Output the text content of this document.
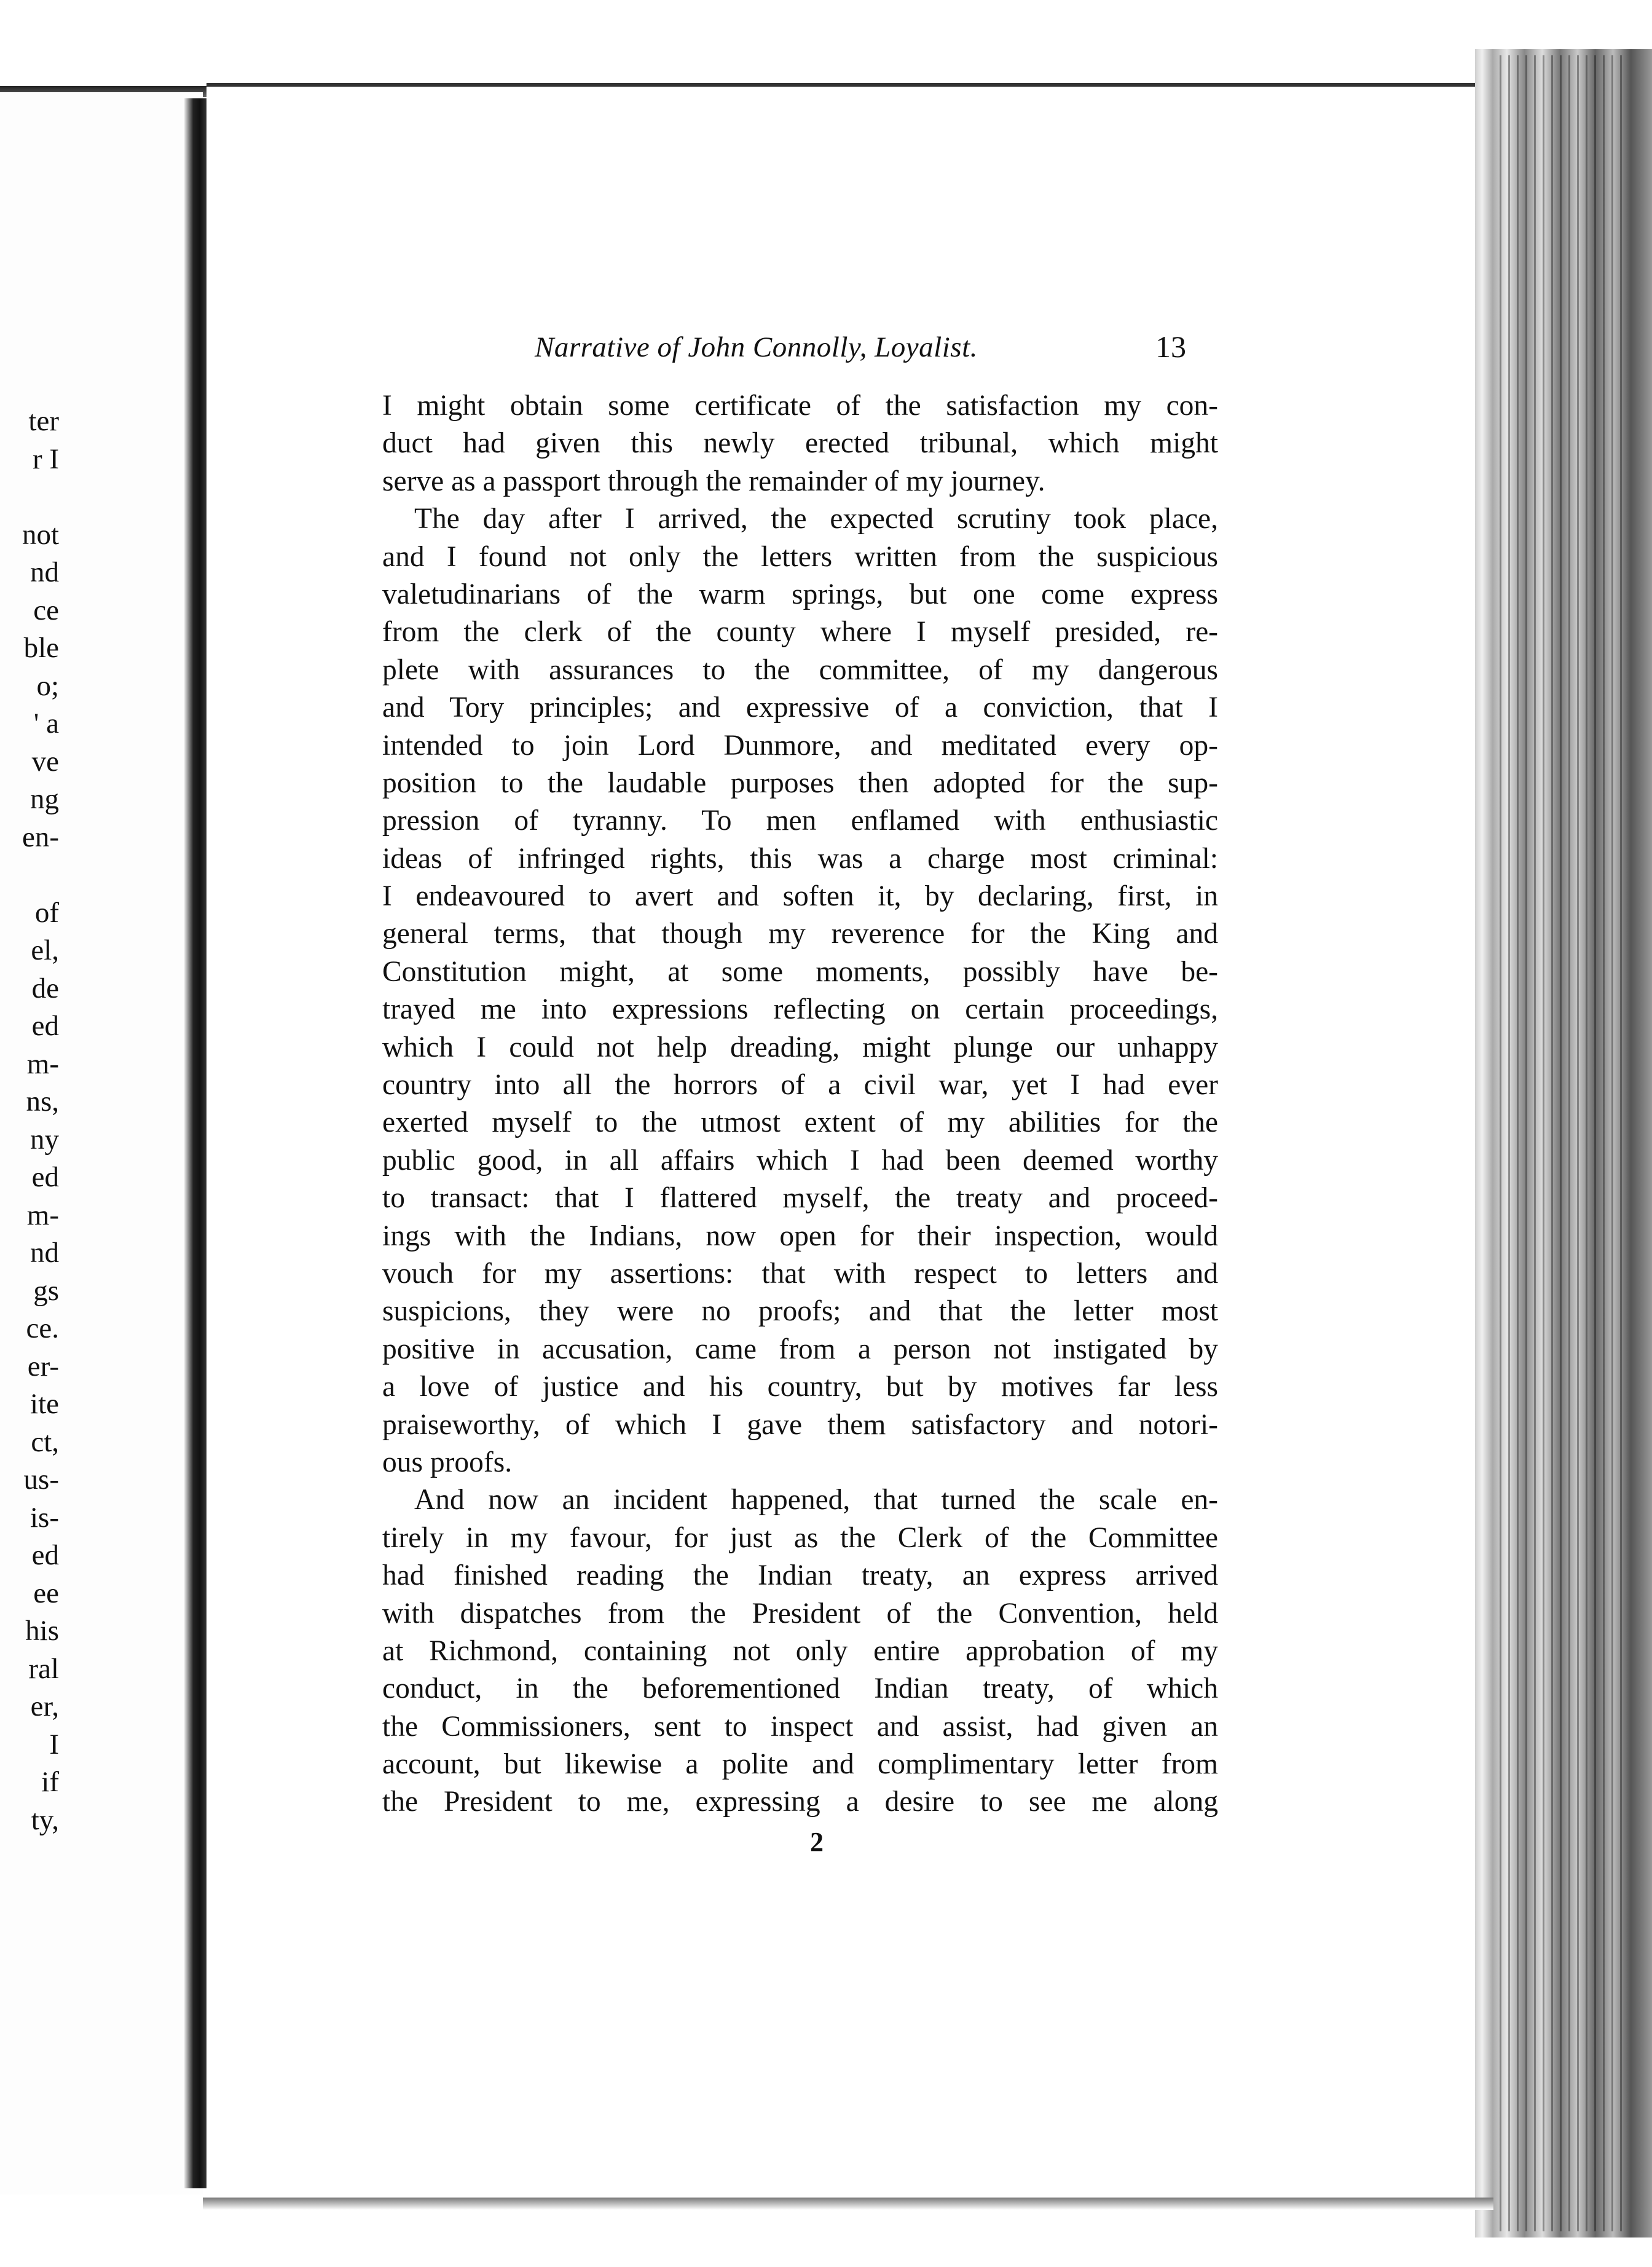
ter
r I
not
nd
ce
ble
o;
' a
ve
ng
en-
of
el,
de
ed
m-
ns,
ny
ed
m-
nd
gs
ce.
er-
ite
ct,
us-
is-
ed
ee
his
ral
er,
I
if
ty,
Narrative of John Connolly, Loyalist.	13
I might obtain some certificate of the satisfaction my con-
duct had given this newly erected tribunal, which might
serve as a passport through the remainder of my journey.
The day after I arrived, the expected scrutiny took place,
and I found not only the letters written from the suspicious
valetudinarians of the warm springs, but one come express
from the clerk of the county where I myself presided, re-
plete with assurances to the committee, of my dangerous
and Tory principles; and expressive of a conviction, that I
intended to join Lord Dunmore, and meditated every op-
position to the laudable purposes then adopted for the sup-
pression of tyranny. To men enflamed with enthusiastic
ideas of infringed rights, this was a charge most criminal:
I endeavoured to avert and soften it, by declaring, first, in
general terms, that though my reverence for the King and
Constitution might, at some moments, possibly have be-
trayed me into expressions reflecting on certain proceedings,
which I could not help dreading, might plunge our unhappy
country into all the horrors of a civil war, yet I had ever
exerted myself to the utmost extent of my abilities for the
public good, in all affairs which I had been deemed worthy
to transact: that I flattered myself, the treaty and proceed-
ings with the Indians, now open for their inspection, would
vouch for my assertions: that with respect to letters and
suspicions, they were no proofs; and that the letter most
positive in accusation, came from a person not instigated by
a love of justice and his country, but by motives far less
praiseworthy, of which I gave them satisfactory and notori-
ous proofs.
And now an incident happened, that turned the scale en-
tirely in my favour, for just as the Clerk of the Committee
had finished reading the Indian treaty, an express arrived
with dispatches from the President of the Convention, held
at Richmond, containing not only entire approbation of my
conduct, in the beforementioned Indian treaty, of which
the Commissioners, sent to inspect and assist, had given an
account, but likewise a polite and complimentary letter from
the President to me, expressing a desire to see me along
2
